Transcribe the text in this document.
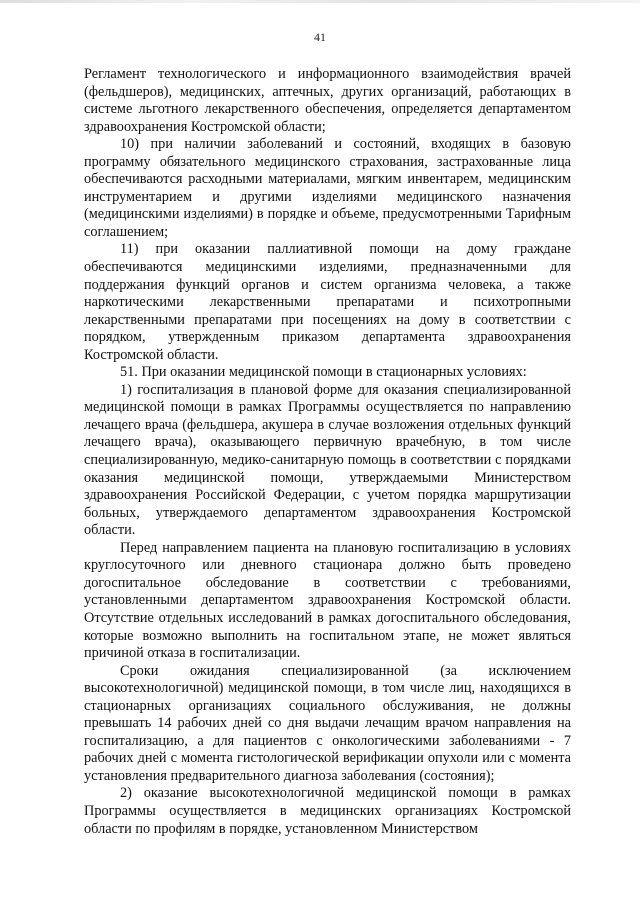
41

Регламент технологического и информационного взаимодействия врачей (фельдшеров), медицинских, аптечных, других организаций, работающих в системе льготного лекарственного обеспечения, определяется департаментом здравоохранения Костромской области;

10) при наличии заболеваний и состояний, входящих в базовую программу обязательного медицинского страхования, застрахованные лица обеспечиваются расходными материалами, мягким инвентарем, медицинским инструментарием и другими изделиями медицинского назначения (медицинскими изделиями) в порядке и объеме, предусмотренными Тарифным соглашением;

11) при оказании паллиативной помощи на дому граждане обеспечиваются медицинскими изделиями, предназначенными для поддержания функций органов и систем организма человека, а также наркотическими лекарственными препаратами и психотропными лекарственными препаратами при посещениях на дому в соответствии с порядком, утвержденным приказом департамента здравоохранения Костромской области.

51. При оказании медицинской помощи в стационарных условиях:

1) госпитализация в плановой форме для оказания специализированной медицинской помощи в рамках Программы осуществляется по направлению лечащего врача (фельдшера, акушера в случае возложения отдельных функций лечащего врача), оказывающего первичную врачебную, в том числе специализированную, медико-санитарную помощь в соответствии с порядками оказания медицинской помощи, утверждаемыми Министерством здравоохранения Российской Федерации, с учетом порядка маршрутизации больных, утверждаемого департаментом здравоохранения Костромской области.

Перед направлением пациента на плановую госпитализацию в условиях круглосуточного или дневного стационара должно быть проведено догоспитальное обследование в соответствии с требованиями, установленными департаментом здравоохранения Костромской области. Отсутствие отдельных исследований в рамках догоспитального обследования, которые возможно выполнить на госпитальном этапе, не может являться причиной отказа в госпитализации.

Сроки ожидания специализированной (за исключением высокотехнологичной) медицинской помощи, в том числе лиц, находящихся в стационарных организациях социального обслуживания, не должны превышать 14 рабочих дней со дня выдачи лечащим врачом направления на госпитализацию, а для пациентов с онкологическими заболеваниями - 7 рабочих дней с момента гистологической верификации опухоли или с момента установления предварительного диагноза заболевания (состояния);

2) оказание высокотехнологичной медицинской помощи в рамках Программы осуществляется в медицинских организациях Костромской области по профилям в порядке, установленном Министерством
